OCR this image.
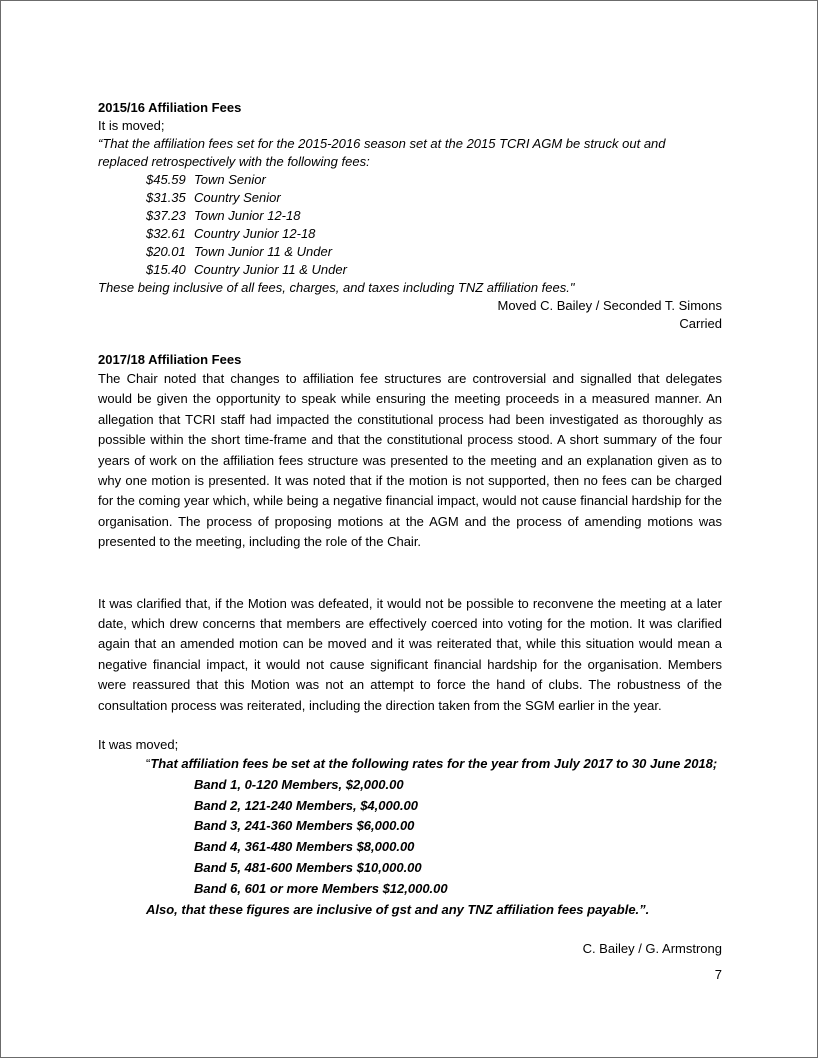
2015/16 Affiliation Fees

It is moved;

“That the affiliation fees set for the 2015-2016 season set at the 2015 TCRI AGM be struck out and

replaced retrospectively with the following fees:

$45.59 Town Senior

$31.35 Country Senior

$37.23 Town Junior 12-18

$32.61 Country Junior 12-18

$20.01 Town Junior 11 & Under

$15.40 Country Junior 11 & Under

These being inclusive of all fees, charges, and taxes including TNZ affiliation fees."

Moved C. Bailey / Seconded T. Simons

Carried

2017/18 Affiliation Fees

The Chair noted that changes to affiliation fee structures are controversial and signalled that delegates would be given the opportunity to speak while ensuring the meeting proceeds in a measured manner. An allegation that TCRI staff had impacted the constitutional process had been investigated as thoroughly as possible within the short time-frame and that the constitutional process stood. A short summary of the four years of work on the affiliation fees structure was presented to the meeting and an explanation given as to why one motion is presented. It was noted that if the motion is not supported, then no fees can be charged for the coming year which, while being a negative financial impact, would not cause financial hardship for the organisation. The process of proposing motions at the AGM and the process of amending motions was presented to the meeting, including the role of the Chair.

It was clarified that, if the Motion was defeated, it would not be possible to reconvene the meeting at a later date, which drew concerns that members are effectively coerced into voting for the motion. It was clarified again that an amended motion can be moved and it was reiterated that, while this situation would mean a negative financial impact, it would not cause significant financial hardship for the organisation. Members were reassured that this Motion was not an attempt to force the hand of clubs. The robustness of the consultation process was reiterated, including the direction taken from the SGM earlier in the year.

It was moved;

“That affiliation fees be set at the following rates for the year from July 2017 to 30 June 2018;

Band 1, 0-120 Members, $2,000.00

Band 2, 121-240 Members, $4,000.00

Band 3, 241-360 Members $6,000.00

Band 4, 361-480 Members $8,000.00

Band 5, 481-600 Members $10,000.00

Band 6, 601 or more Members $12,000.00

Also, that these figures are inclusive of gst and any TNZ affiliation fees payable.”.

C. Bailey / G. Armstrong

7
